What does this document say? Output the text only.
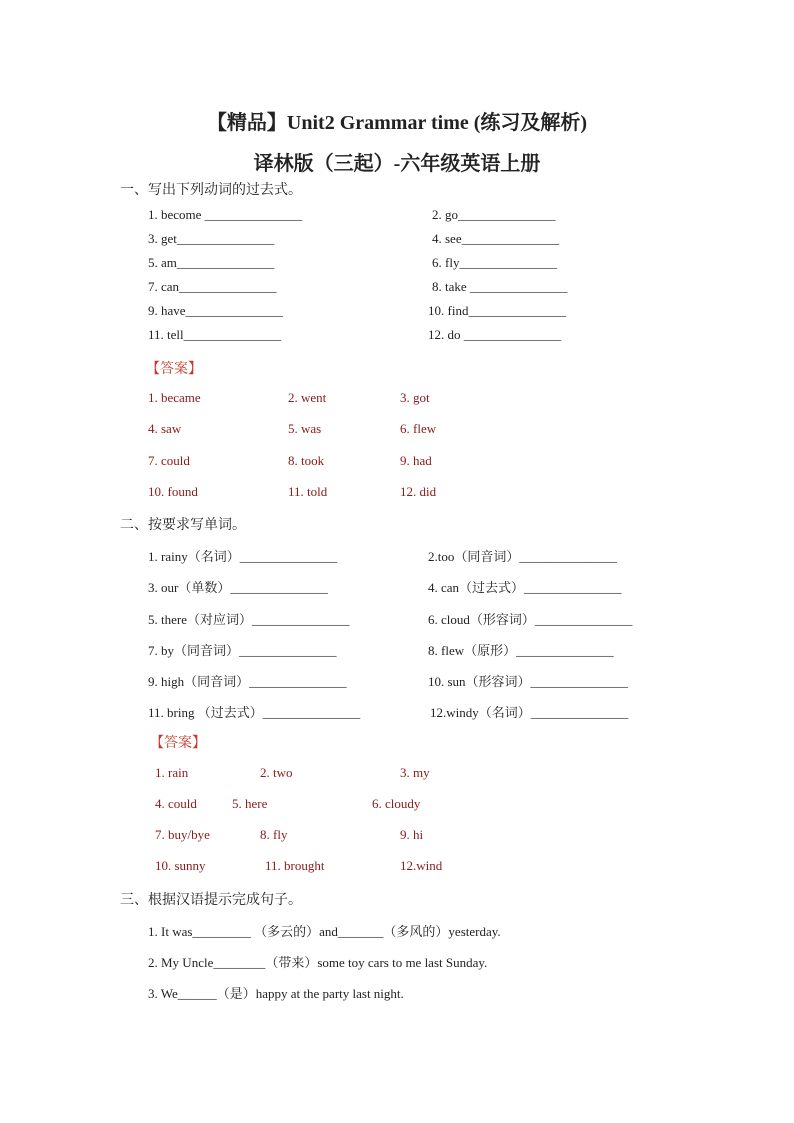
【精品】Unit2 Grammar time (练习及解析)
译林版（三起）-六年级英语上册
一、写出下列动词的过去式。
1. become _______________	2. go_______________
3. get_______________	4. see_______________
5. am_______________	6. fly_______________
7. can_______________	8. take _______________
9. have_______________	10. find_______________
11. tell_______________	12. do _______________
【答案】
1. became	2. went	3. got
4. saw	5. was	6. flew
7. could	8. took	9. had
10. found	11. told	12. did
二、按要求写单词。
1. rainy（名词）_______________	2.too（同音词）_______________
3. our（单数）_______________	4. can（过去式）_______________
5. there（对应词）_______________	6. cloud（形容词）_______________
7. by（同音词）_______________	8. flew（原形）_______________
9. high（同音词）_______________	10. sun（形容词）_______________
11. bring （过去式）_______________	12.windy（名词）_______________
【答案】
1. rain	2. two	3. my
4. could	5. here	6. cloudy
7. buy/bye	8. fly	9. hi
10. sunny	11. brought	12.wind
三、根据汉语提示完成句子。
1. It was_________ （多云的）and_______（多风的）yesterday.
2. My Uncle________（带来）some toy cars to me last Sunday.
3. We______（是）happy at the party last night.
